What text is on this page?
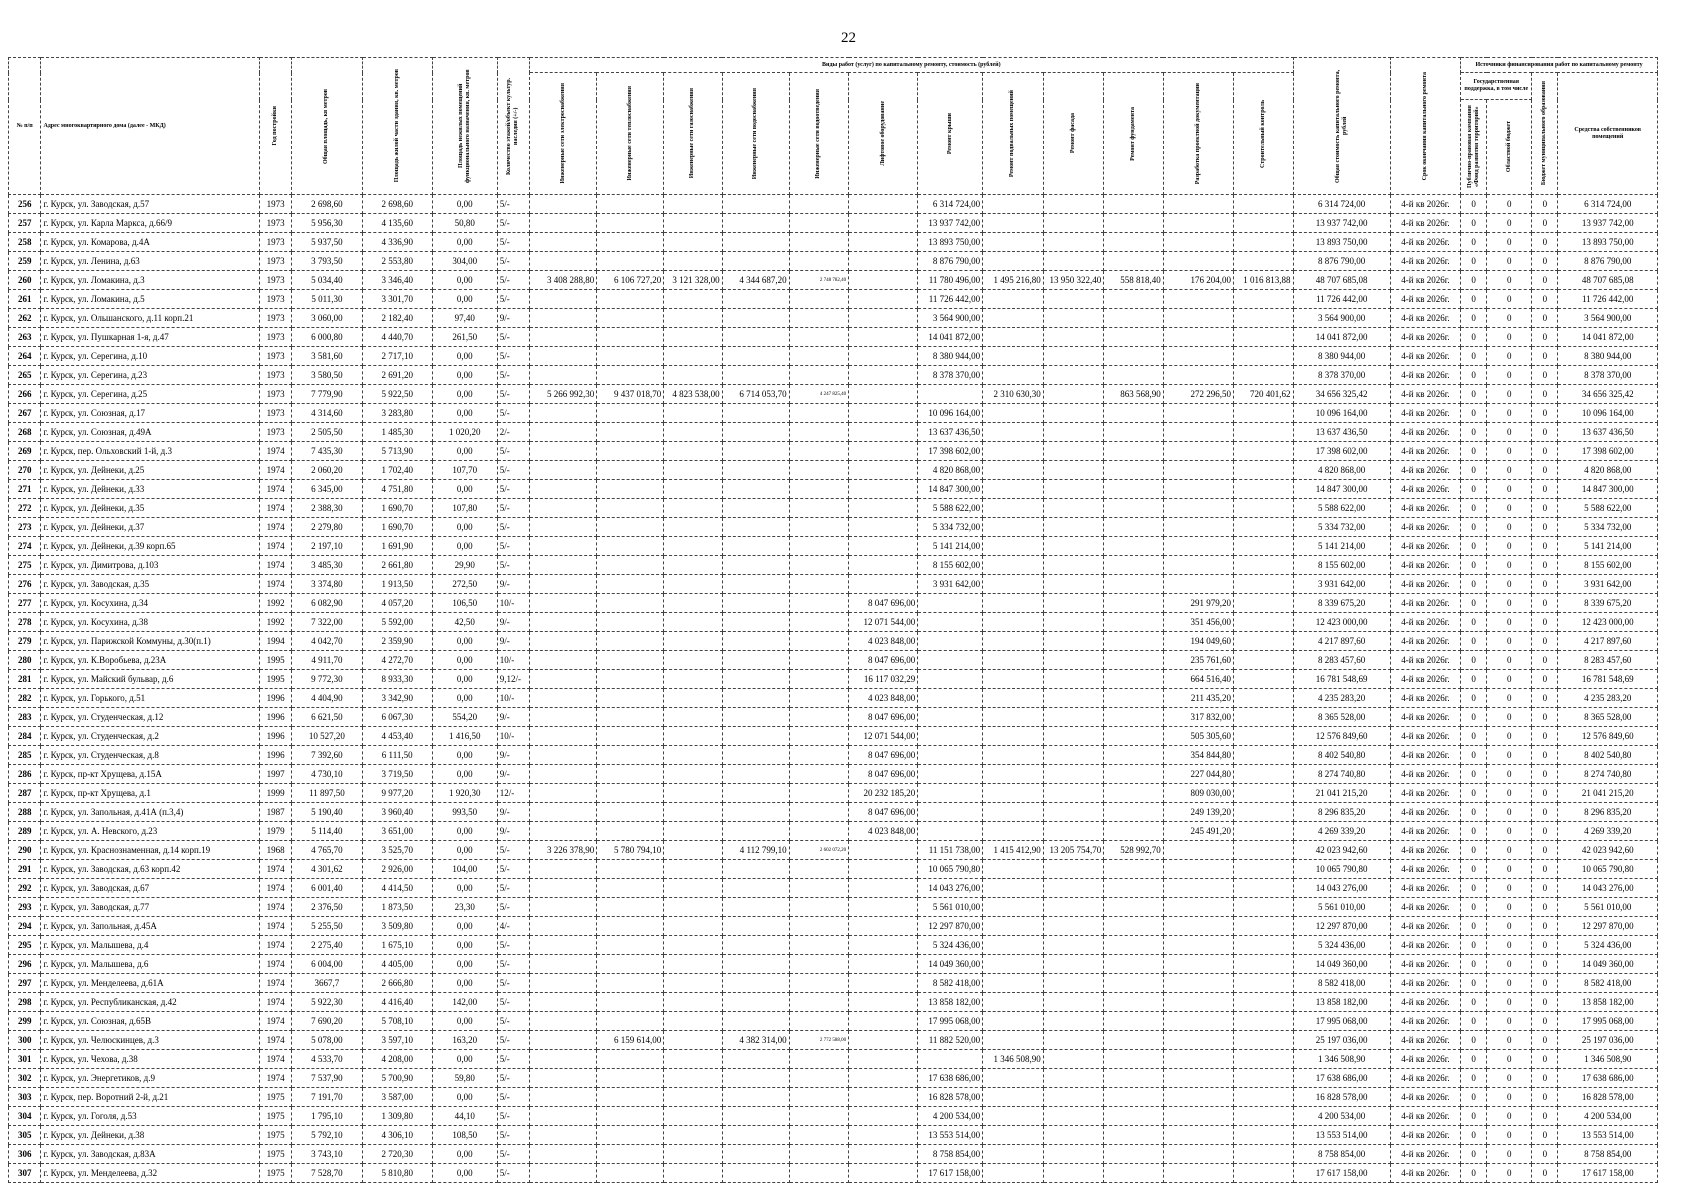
22
№ п/п	Адрес многоквартирного дома (далее - МКД)	Год постройки	Общая площадь, кв метров	Площадь жилой части здания, кв. метров	Площадь нежилых помещений функционального назначения, кв. метров	Количество этажей/объект культур. наследия (+/-)	Виды работ (услуг) по капитальному ремонту, стоимость (рублей)												Общая стоимость капитального ремонта, рублей	Срок окончания капитального ремонта	Источники финансирования работ по капитальному ремонту			

							Инженерные сети электроснабжения	Инженерные сети теплоснабжения	Инженерные сети газоснабжения	Инженерные сети водоснабжения	Инженерные сети водоотведения	Лифтовое оборудование	Ремонт крыши	Ремонт подвальных помещений	Ремонт фасада	Ремонт фундамента	Разработка проектной документации	Строительный контроль			Государственная поддержка, в том числе		Бюджет муниципального образования	Средства собственников помещений

																					Публично-правовая компания «Фонд развития территорий»	Областной бюджет		

256	г. Курск, ул. Заводская, д.57	1973	2 698,60	2 698,60	0,00	5/-							6 314 724,00						6 314 724,00	4-й кв 2026г.	0	0	0	6 314 724,00
257	г. Курск, ул. Карла Маркса, д.66/9	1973	5 956,30	4 135,60	50,80	5/-							13 937 742,00						13 937 742,00	4-й кв 2026г.	0	0	0	13 937 742,00
258	г. Курск, ул. Комарова, д.4А	1973	5 937,50	4 336,90	0,00	5/-							13 893 750,00						13 893 750,00	4-й кв 2026г.	0	0	0	13 893 750,00
259	г. Курск, ул. Ленина, д.63	1973	3 793,50	2 553,80	304,00	5/-							8 876 790,00						8 876 790,00	4-й кв 2026г.	0	0	0	8 876 790,00
260	г. Курск, ул. Ломакина, д.3	1973	5 034,40	3 346,40	0,00	5/-	3 408 288,80	6 106 727,20	3 121 328,00	4 344 687,20	2 748 782,40		11 780 496,00	1 495 216,80	13 950 322,40	558 818,40	176 204,00	1 016 813,88	48 707 685,08	4-й кв 2026г.	0	0	0	48 707 685,08
261	г. Курск, ул. Ломакина, д.5	1973	5 011,30	3 301,70	0,00	5/-							11 726 442,00						11 726 442,00	4-й кв 2026г.	0	0	0	11 726 442,00
262	г. Курск, ул. Ольшанского, д.11 корп.21	1973	3 060,00	2 182,40	97,40	9/-							3 564 900,00						3 564 900,00	4-й кв 2026г.	0	0	0	3 564 900,00
263	г. Курск, ул. Пушкарная 1-я, д.47	1973	6 000,80	4 440,70	261,50	5/-							14 041 872,00						14 041 872,00	4-й кв 2026г.	0	0	0	14 041 872,00
264	г. Курск, ул. Серегина, д.10	1973	3 581,60	2 717,10	0,00	5/-							8 380 944,00						8 380 944,00	4-й кв 2026г.	0	0	0	8 380 944,00
265	г. Курск, ул. Серегина, д.23	1973	3 580,50	2 691,20	0,00	5/-							8 378 370,00						8 378 370,00	4-й кв 2026г.	0	0	0	8 378 370,00
266	г. Курск, ул. Серегина, д.25	1973	7 779,90	5 922,50	0,00	5/-	5 266 992,30	9 437 018,70	4 823 538,00	6 714 053,70	4 247 825,40			2 310 630,30		863 568,90	272 296,50	720 401,62	34 656 325,42	4-й кв 2026г.	0	0	0	34 656 325,42
267	г. Курск, ул. Союзная, д.17	1973	4 314,60	3 283,80	0,00	5/-							10 096 164,00						10 096 164,00	4-й кв 2026г.	0	0	0	10 096 164,00
268	г. Курск, ул. Союзная, д.49А	1973	2 505,50	1 485,30	1 020,20	2/-							13 637 436,50						13 637 436,50	4-й кв 2026г.	0	0	0	13 637 436,50
269	г. Курск, пер. Ольховский 1-й, д.3	1974	7 435,30	5 713,90	0,00	5/-							17 398 602,00						17 398 602,00	4-й кв 2026г.	0	0	0	17 398 602,00
270	г. Курск, ул. Дейнеки, д.25	1974	2 060,20	1 702,40	107,70	5/-							4 820 868,00						4 820 868,00	4-й кв 2026г.	0	0	0	4 820 868,00
271	г. Курск, ул. Дейнеки, д.33	1974	6 345,00	4 751,80	0,00	5/-							14 847 300,00						14 847 300,00	4-й кв 2026г.	0	0	0	14 847 300,00
272	г. Курск, ул. Дейнеки, д.35	1974	2 388,30	1 690,70	107,80	5/-							5 588 622,00						5 588 622,00	4-й кв 2026г.	0	0	0	5 588 622,00
273	г. Курск, ул. Дейнеки, д.37	1974	2 279,80	1 690,70	0,00	5/-							5 334 732,00						5 334 732,00	4-й кв 2026г.	0	0	0	5 334 732,00
274	г. Курск, ул. Дейнеки, д.39 корп.65	1974	2 197,10	1 691,90	0,00	5/-							5 141 214,00						5 141 214,00	4-й кв 2026г.	0	0	0	5 141 214,00
275	г. Курск, ул. Димитрова, д.103	1974	3 485,30	2 661,80	29,90	5/-							8 155 602,00						8 155 602,00	4-й кв 2026г.	0	0	0	8 155 602,00
276	г. Курск, ул. Заводская, д.35	1974	3 374,80	1 913,50	272,50	9/-							3 931 642,00						3 931 642,00	4-й кв 2026г.	0	0	0	3 931 642,00
277	г. Курск, ул. Косухина, д.34	1992	6 082,90	4 057,20	106,50	10/-						8 047 696,00					291 979,20		8 339 675,20	4-й кв 2026г.	0	0	0	8 339 675,20
278	г. Курск, ул. Косухина, д.38	1992	7 322,00	5 592,00	42,50	9/-						12 071 544,00					351 456,00		12 423 000,00	4-й кв 2026г.	0	0	0	12 423 000,00
279	г. Курск, ул. Парижской Коммуны, д.30(п.1)	1994	4 042,70	2 359,90	0,00	9/-						4 023 848,00					194 049,60		4 217 897,60	4-й кв 2026г.	0	0	0	4 217 897,60
280	г. Курск, ул. К.Воробьева, д.23А	1995	4 911,70	4 272,70	0,00	10/-						8 047 696,00					235 761,60		8 283 457,60	4-й кв 2026г.	0	0	0	8 283 457,60
281	г. Курск, ул. Майский бульвар, д.6	1995	9 772,30	8 933,30	0,00	9,12/-						16 117 032,29					664 516,40		16 781 548,69	4-й кв 2026г.	0	0	0	16 781 548,69
282	г. Курск, ул. Горького, д.51	1996	4 404,90	3 342,90	0,00	10/-						4 023 848,00					211 435,20		4 235 283,20	4-й кв 2026г.	0	0	0	4 235 283,20
283	г. Курск, ул. Студенческая, д.12	1996	6 621,50	6 067,30	554,20	9/-						8 047 696,00					317 832,00		8 365 528,00	4-й кв 2026г.	0	0	0	8 365 528,00
284	г. Курск, ул. Студенческая, д.2	1996	10 527,20	4 453,40	1 416,50	10/-						12 071 544,00					505 305,60		12 576 849,60	4-й кв 2026г.	0	0	0	12 576 849,60
285	г. Курск, ул. Студенческая, д.8	1996	7 392,60	6 111,50	0,00	9/-						8 047 696,00					354 844,80		8 402 540,80	4-й кв 2026г.	0	0	0	8 402 540,80
286	г. Курск, пр-кт Хрущева, д.15А	1997	4 730,10	3 719,50	0,00	9/-						8 047 696,00					227 044,80		8 274 740,80	4-й кв 2026г.	0	0	0	8 274 740,80
287	г. Курск, пр-кт Хрущева, д.1	1999	11 897,50	9 977,20	1 920,30	12/-						20 232 185,20					809 030,00		21 041 215,20	4-й кв 2026г.	0	0	0	21 041 215,20
288	г. Курск, ул. Запольная, д.41А (п.3,4)	1987	5 190,40	3 960,40	993,50	9/-						8 047 696,00					249 139,20		8 296 835,20	4-й кв 2026г.	0	0	0	8 296 835,20
289	г. Курск, ул. А. Невского, д.23	1979	5 114,40	3 651,00	0,00	9/-						4 023 848,00					245 491,20		4 269 339,20	4-й кв 2026г.	0	0	0	4 269 339,20
290	г. Курск, ул. Краснознаменная, д.14 корп.19	1968	4 765,70	3 525,70	0,00	5/-	3 226 378,90	5 780 794,10		4 112 799,10	2 602 072,20		11 151 738,00	1 415 412,90	13 205 754,70	528 992,70			42 023 942,60	4-й кв 2026г.	0	0	0	42 023 942,60
291	г. Курск, ул. Заводская, д.63 корп.42	1974	4 301,62	2 926,00	104,00	5/-							10 065 790,80						10 065 790,80	4-й кв 2026г.	0	0	0	10 065 790,80
292	г. Курск, ул. Заводская, д.67	1974	6 001,40	4 414,50	0,00	5/-							14 043 276,00						14 043 276,00	4-й кв 2026г.	0	0	0	14 043 276,00
293	г. Курск, ул. Заводская, д.77	1974	2 376,50	1 873,50	23,30	5/-							5 561 010,00						5 561 010,00	4-й кв 2026г.	0	0	0	5 561 010,00
294	г. Курск, ул. Запольная, д.45А	1974	5 255,50	3 509,80	0,00	4/-							12 297 870,00						12 297 870,00	4-й кв 2026г.	0	0	0	12 297 870,00
295	г. Курск, ул. Малышева, д.4	1974	2 275,40	1 675,10	0,00	5/-							5 324 436,00						5 324 436,00	4-й кв 2026г.	0	0	0	5 324 436,00
296	г. Курск, ул. Малышева, д.6	1974	6 004,00	4 405,00	0,00	5/-							14 049 360,00						14 049 360,00	4-й кв 2026г.	0	0	0	14 049 360,00
297	г. Курск, ул. Менделеева, д.61А	1974	3667,7	2 666,80	0,00	5/-							8 582 418,00						8 582 418,00	4-й кв 2026г.	0	0	0	8 582 418,00
298	г. Курск, ул. Республиканская, д.42	1974	5 922,30	4 416,40	142,00	5/-							13 858 182,00						13 858 182,00	4-й кв 2026г.	0	0	0	13 858 182,00
299	г. Курск, ул. Союзная, д.65В	1974	7 690,20	5 708,10	0,00	5/-							17 995 068,00						17 995 068,00	4-й кв 2026г.	0	0	0	17 995 068,00
300	г. Курск, ул. Челюскинцев, д.3	1974	5 078,00	3 597,10	163,20	5/-		6 159 614,00		4 382 314,00	2 772 588,00		11 882 520,00						25 197 036,00	4-й кв 2026г.	0	0	0	25 197 036,00
301	г. Курск, ул. Чехова, д.38	1974	4 533,70	4 208,00	0,00	5/-								1 346 508,90					1 346 508,90	4-й кв 2026г.	0	0	0	1 346 508,90
302	г. Курск, ул. Энергетиков, д.9	1974	7 537,90	5 700,90	59,80	5/-							17 638 686,00						17 638 686,00	4-й кв 2026г.	0	0	0	17 638 686,00
303	г. Курск, пер. Воротний 2-й, д.21	1975	7 191,70	3 587,00	0,00	5/-							16 828 578,00						16 828 578,00	4-й кв 2026г.	0	0	0	16 828 578,00
304	г. Курск, ул. Гоголя, д.53	1975	1 795,10	1 309,80	44,10	5/-							4 200 534,00						4 200 534,00	4-й кв 2026г.	0	0	0	4 200 534,00
305	г. Курск, ул. Дейнеки, д.38	1975	5 792,10	4 306,10	108,50	5/-							13 553 514,00						13 553 514,00	4-й кв 2026г.	0	0	0	13 553 514,00
306	г. Курск, ул. Заводская, д.83А	1975	3 743,10	2 720,30	0,00	5/-							8 758 854,00						8 758 854,00	4-й кв 2026г.	0	0	0	8 758 854,00
307	г. Курск, ул. Менделеева, д.32	1975	7 528,70	5 810,80	0,00	5/-							17 617 158,00						17 617 158,00	4-й кв 2026г.	0	0	0	17 617 158,00
